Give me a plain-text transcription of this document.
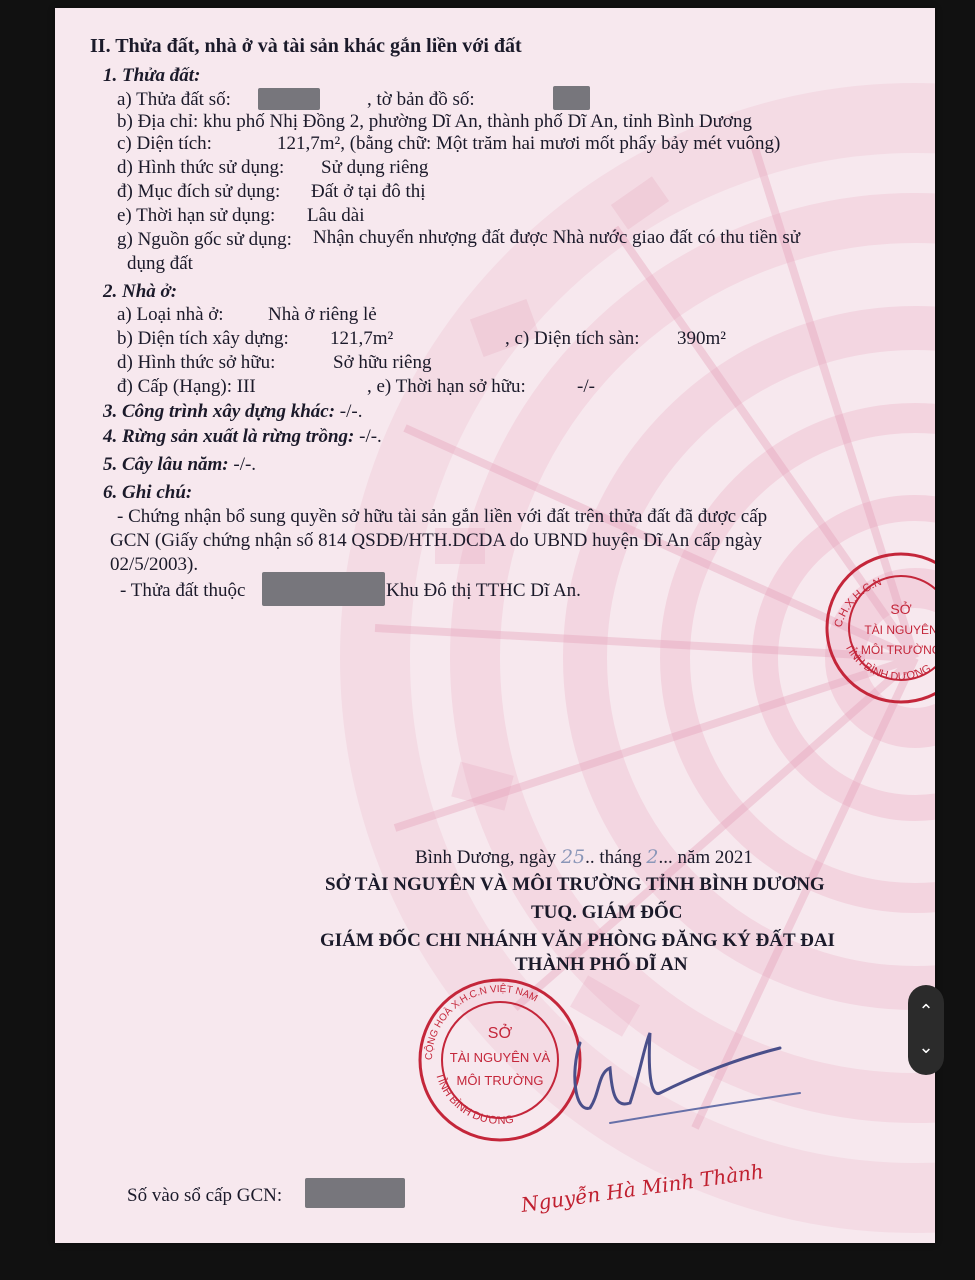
II. Thửa đất, nhà ở và tài sản khác gắn liền với đất
1. Thửa đất:
a) Thửa đất số:	, tờ bản đồ số:
b) Địa chỉ: khu phố Nhị Đồng 2, phường Dĩ An, thành phố Dĩ An, tỉnh Bình Dương
c) Diện tích:	121,7m², (bằng chữ: Một trăm hai mươi mốt phẩy bảy mét vuông)
d) Hình thức sử dụng: Sử dụng riêng
đ) Mục đích sử dụng: Đất ở tại đô thị
e) Thời hạn sử dụng: Lâu dài
g) Nguồn gốc sử dụng: Nhận chuyển nhượng đất được Nhà nước giao đất có thu tiền sử
dụng đất
2. Nhà ở:
a) Loại nhà ở: Nhà ở riêng lẻ
b) Diện tích xây dựng: 121,7m²	, c) Diện tích sàn: 390m²
d) Hình thức sở hữu:	Sở hữu riêng
đ) Cấp (Hạng): III	, e) Thời hạn sở hữu:	-/-
3. Công trình xây dựng khác: -/-.
4. Rừng sản xuất là rừng trồng: -/-.
5. Cây lâu năm: -/-.
6. Ghi chú:
- Chứng nhận bổ sung quyền sở hữu tài sản gắn liền với đất trên thửa đất đã được cấp
GCN (Giấy chứng nhận số 814 QSDĐ/HTH.DCDA do UBND huyện Dĩ An cấp ngày
02/5/2003).
- Thửa đất thuộc	Khu Đô thị TTHC Dĩ An.
C.H.X.H.C.N
TỈNH BÌNH DƯƠNG
SỞ
TÀI NGUYÊN
MÔI TRƯỜNG
Bình Dương, ngày 25.. tháng 2... năm 2021
SỞ TÀI NGUYÊN VÀ MÔI TRƯỜNG TỈNH BÌNH DƯƠNG
TUQ. GIÁM ĐỐC
GIÁM ĐỐC CHI NHÁNH VĂN PHÒNG ĐĂNG KÝ ĐẤT ĐAI
THÀNH PHỐ DĨ AN
CỘNG HOÀ X.H.C.N VIỆT NAM
TỈNH BÌNH DƯƠNG
SỞ
TÀI NGUYÊN VÀ
MÔI TRƯỜNG
Nguyễn Hà Minh Thành
Số vào sổ cấp GCN:
⌃
⌄
